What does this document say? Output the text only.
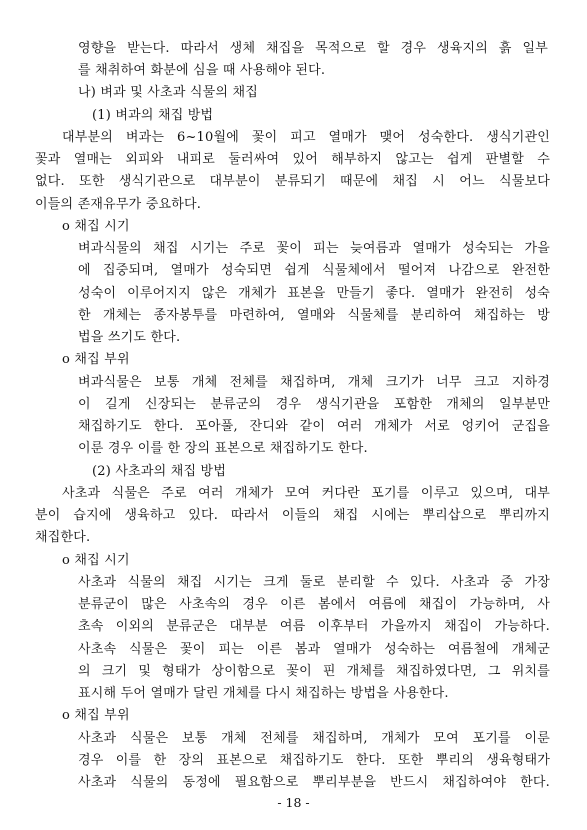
영향을 받는다. 따라서 생체 채집을 목적으로 할 경우 생육지의 흙 일부
를 채취하여 화분에 심을 때 사용해야 된다.
나) 벼과 및 사초과 식물의 채집
(1) 벼과의 채집 방법
대부분의 벼과는 6~10월에 꽃이 피고 열매가 맺어 성숙한다. 생식기관인
꽃과 열매는 외피와 내피로 둘러싸여 있어 해부하지 않고는 쉽게 판별할 수
없다. 또한 생식기관으로 대부분이 분류되기 때문에 채집 시 어느 식물보다
이들의 존재유무가 중요하다.
o 채집 시기
벼과식물의 채집 시기는 주로 꽃이 피는 늦여름과 열매가 성숙되는 가을
에 집중되며, 열매가 성숙되면 쉽게 식물체에서 떨어져 나감으로 완전한
성숙이 이루어지지 않은 개체가 표본을 만들기 좋다. 열매가 완전히 성숙
한 개체는 종자봉투를 마련하여, 열매와 식물체를 분리하여 채집하는 방
법을 쓰기도 한다.
o 채집 부위
벼과식물은 보통 개체 전체를 채집하며, 개체 크기가 너무 크고 지하경
이 길게 신장되는 분류군의 경우 생식기관을 포함한 개체의 일부분만
채집하기도 한다. 포아풀, 잔디와 같이 여러 개체가 서로 엉키어 군집을
이룬 경우 이를 한 장의 표본으로 채집하기도 한다.
(2) 사초과의 채집 방법
사초과 식물은 주로 여러 개체가 모여 커다란 포기를 이루고 있으며, 대부
분이 습지에 생육하고 있다. 따라서 이들의 채집 시에는 뿌리삽으로 뿌리까지
채집한다.
o 채집 시기
사초과 식물의 채집 시기는 크게 둘로 분리할 수 있다. 사초과 중 가장
분류군이 많은 사초속의 경우 이른 봄에서 여름에 채집이 가능하며, 사
초속 이외의 분류군은 대부분 여름 이후부터 가을까지 채집이 가능하다.
사초속 식물은 꽃이 피는 이른 봄과 열매가 성숙하는 여름철에 개체군
의 크기 및 형태가 상이함으로 꽃이 핀 개체를 채집하였다면, 그 위치를
표시해 두어 열매가 달린 개체를 다시 채집하는 방법을 사용한다.
o 채집 부위
사초과 식물은 보통 개체 전체를 채집하며, 개체가 모여 포기를 이룬
경우 이를 한 장의 표본으로 채집하기도 한다. 또한 뿌리의 생육형태가
사초과 식물의 동정에 필요함으로 뿌리부분을 반드시 채집하여야 한다.
- 18 -
